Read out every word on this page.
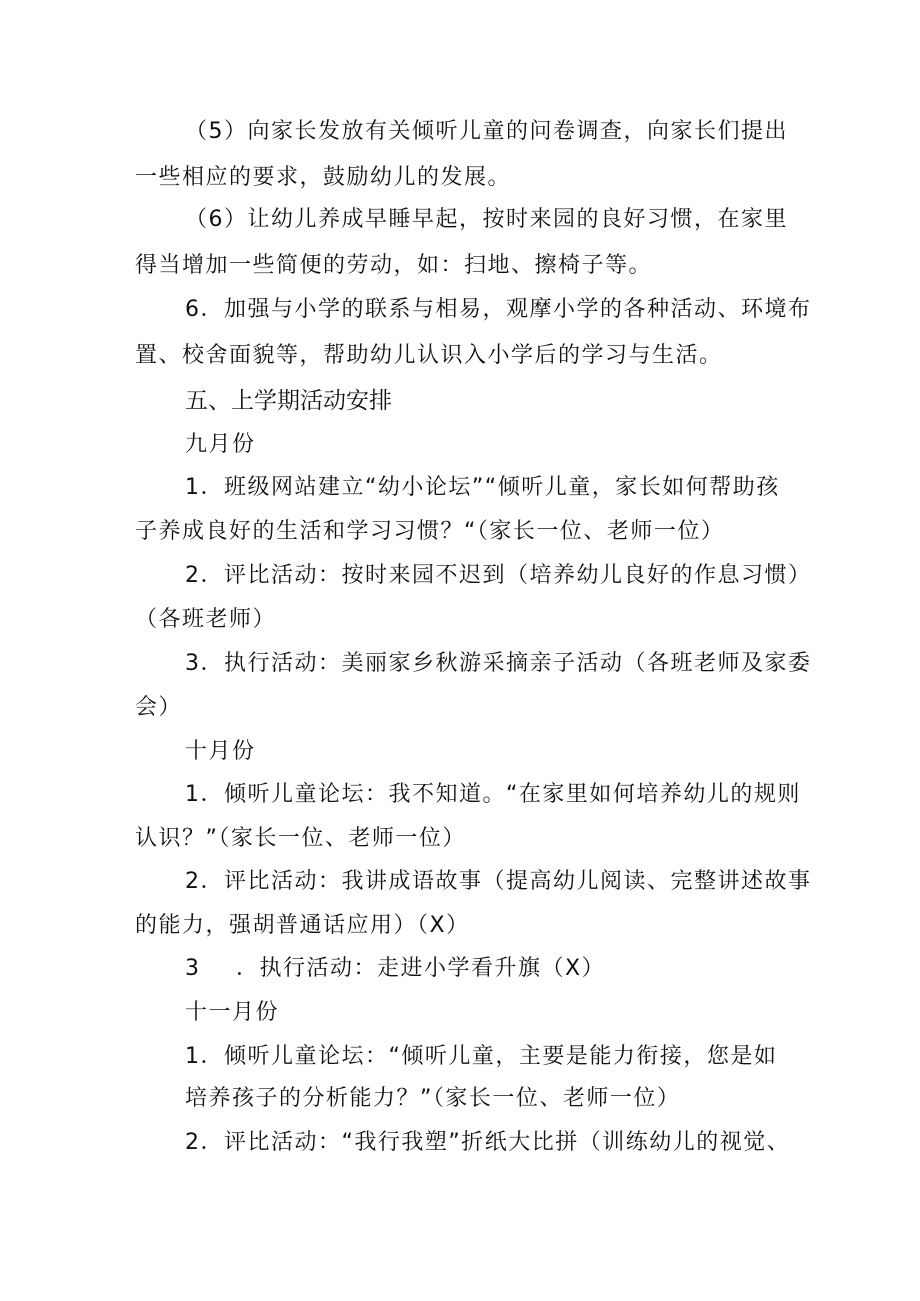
（5）向家长发放有关倾听儿童的问卷调查，向家长们提出
一些相应的要求，鼓励幼儿的发展。
（6）让幼儿养成早睡早起，按时来园的良好习惯，在家里
得当增加一些简便的劳动，如：扫地、擦椅子等。
6．加强与小学的联系与相易，观摩小学的各种活动、环境布
置、校舍面貌等，帮助幼儿认识入小学后的学习与生活。
五、上学期活动安排
九月份
1．班级网站建立“幼小论坛”“倾听儿童，家长如何帮助孩
子养成良好的生活和学习习惯？“（家长一位、老师一位）
2．评比活动：按时来园不迟到（培养幼儿良好的作息习惯）
（各班老师）
3．执行活动：美丽家乡秋游采摘亲子活动（各班老师及家委
会）
十月份
1．倾听儿童论坛：我不知道。“在家里如何培养幼儿的规则
认识？”（家长一位、老师一位）
2．评比活动：我讲成语故事（提高幼儿阅读、完整讲述故事
的能力，强胡普通话应用）（X）
3 ．执行活动：走进小学看升旗（X）
十一月份
1．倾听儿童论坛：“倾听儿童，主要是能力衔接，您是如
培养孩子的分析能力？”（家长一位、老师一位）
2．评比活动：“我行我塑”折纸大比拼（训练幼儿的视觉、
